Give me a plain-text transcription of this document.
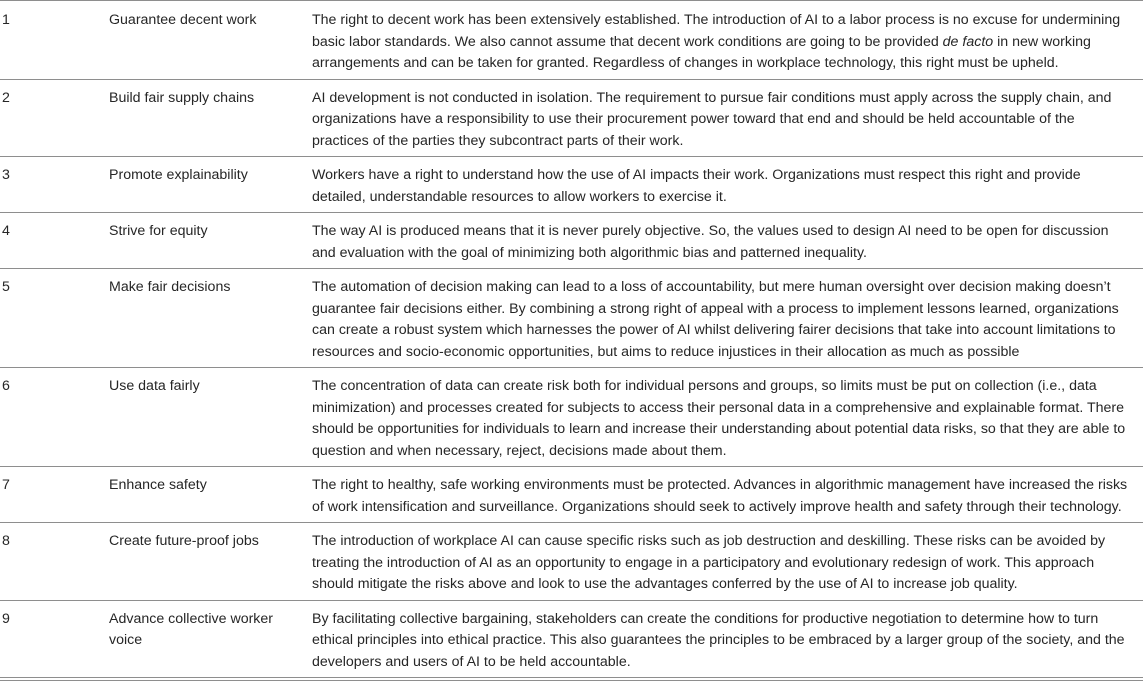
1	Guarantee decent work	The right to decent work has been extensively established. The introduction of AI to a labor process is no excuse for undermining basic labor standards. We also cannot assume that decent work conditions are going to be provided de facto in new working arrangements and can be taken for granted. Regardless of changes in workplace technology, this right must be upheld.
2	Build fair supply chains	AI development is not conducted in isolation. The requirement to pursue fair conditions must apply across the supply chain, and organizations have a responsibility to use their procurement power toward that end and should be held accountable of the practices of the parties they subcontract parts of their work.
3	Promote explainability	Workers have a right to understand how the use of AI impacts their work. Organizations must respect this right and provide detailed, understandable resources to allow workers to exercise it.
4	Strive for equity	The way AI is produced means that it is never purely objective. So, the values used to design AI need to be open for discussion and evaluation with the goal of minimizing both algorithmic bias and patterned inequality.
5	Make fair decisions	The automation of decision making can lead to a loss of accountability, but mere human oversight over decision making doesn’t guarantee fair decisions either. By combining a strong right of appeal with a process to implement lessons learned, organizations can create a robust system which harnesses the power of AI whilst delivering fairer decisions that take into account limitations to resources and socio-economic opportunities, but aims to reduce injustices in their allocation as much as possible
6	Use data fairly	The concentration of data can create risk both for individual persons and groups, so limits must be put on collection (i.e., data minimization) and processes created for subjects to access their personal data in a comprehensive and explainable format. There should be opportunities for individuals to learn and increase their understanding about potential data risks, so that they are able to question and when necessary, reject, decisions made about them.
7	Enhance safety	The right to healthy, safe working environments must be protected. Advances in algorithmic management have increased the risks of work intensification and surveillance. Organizations should seek to actively improve health and safety through their technology.
8	Create future-proof jobs	The introduction of workplace AI can cause specific risks such as job destruction and deskilling. These risks can be avoided by treating the introduction of AI as an opportunity to engage in a participatory and evolutionary redesign of work. This approach should mitigate the risks above and look to use the advantages conferred by the use of AI to increase job quality.
9	Advance collective worker voice	By facilitating collective bargaining, stakeholders can create the conditions for productive negotiation to determine how to turn ethical principles into ethical practice. This also guarantees the principles to be embraced by a larger group of the society, and the developers and users of AI to be held accountable.
